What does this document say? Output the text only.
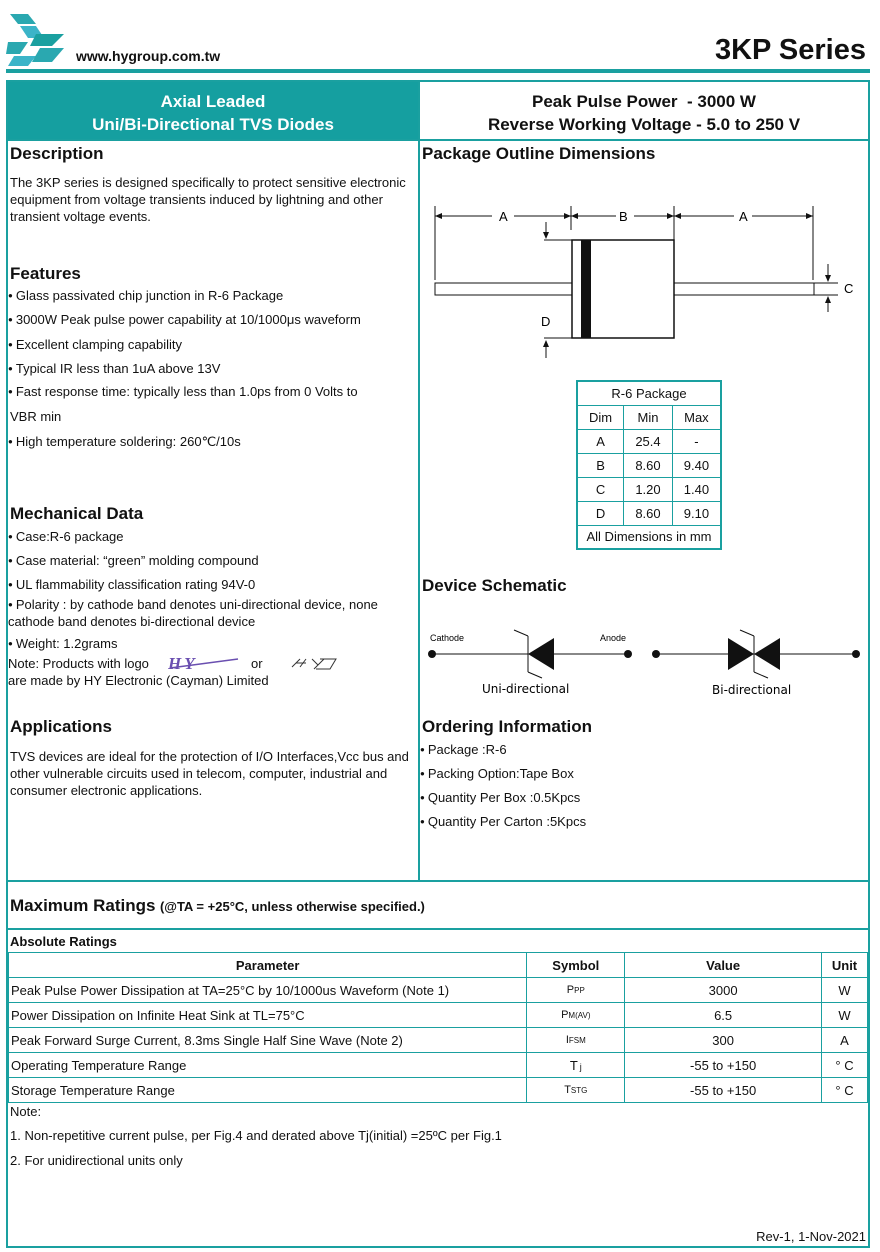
www.hygroup.com.tw	3KP Series
Axial Leaded
Uni/Bi-Directional TVS Diodes
Peak Pulse Power  - 3000 W
Reverse Working Voltage - 5.0 to 250 V
Description
The 3KP series is designed specifically to protect sensitive electronic equipment from voltage transients induced by lightning and other transient voltage events.
Features
● Glass passivated chip junction in R-6 Package
● 3000W Peak pulse power capability at 10/1000μs waveform
● Excellent clamping capability
● Typical IR less than 1uA above 13V
● Fast response time: typically less than 1.0ps from 0 Volts to
VBR min
● High temperature soldering: 260℃/10s
Mechanical Data
● Case:R-6 package
● Case material: “green” molding compound
● UL flammability classification rating 94V-0
● Polarity : by cathode band denotes uni-directional device, none cathode band denotes bi-directional device
● Weight: 1.2grams
Note: Products with logo HY	or
are made by HY Electronic (Cayman) Limited
Applications
TVS devices are ideal for the protection of I/O Interfaces,Vcc bus and other vulnerable circuits used in telecom, computer, industrial and consumer electronic applications.
Package Outline Dimensions
A	B	A
C
D
R-6 Package		
Dim	Min	Max
A	25.4	-
B	8.60	9.40
C	1.20	1.40
D	8.60	9.10
All Dimensions in mm		
Device Schematic
Cathode	Anode
Uni-directional	Bi-directional
Ordering Information
● Package :R-6
● Packing Option:Tape Box
● Quantity Per Box :0.5Kpcs
● Quantity Per Carton :5Kpcs
Maximum Ratings (@TA = +25°C, unless otherwise specified.)
Absolute Ratings
Parameter	Symbol	Value	Unit
Peak Pulse Power Dissipation at TA=25°C by 10/1000us Waveform (Note 1)	PPP	3000	W
Power Dissipation on Infinite Heat Sink at TL=75°C	PM(AV)	6.5	W
Peak Forward Surge Current, 8.3ms Single Half Sine Wave (Note 2)	IFSM	300	A
Operating Temperature Range	T j	-55 to +150	° C
Storage Temperature Range	TSTG	-55 to +150	° C
Note:
1. Non-repetitive current pulse, per Fig.4 and derated above Tj(initial) =25ºC per Fig.1
2. For unidirectional units only
Rev-1, 1-Nov-2021
